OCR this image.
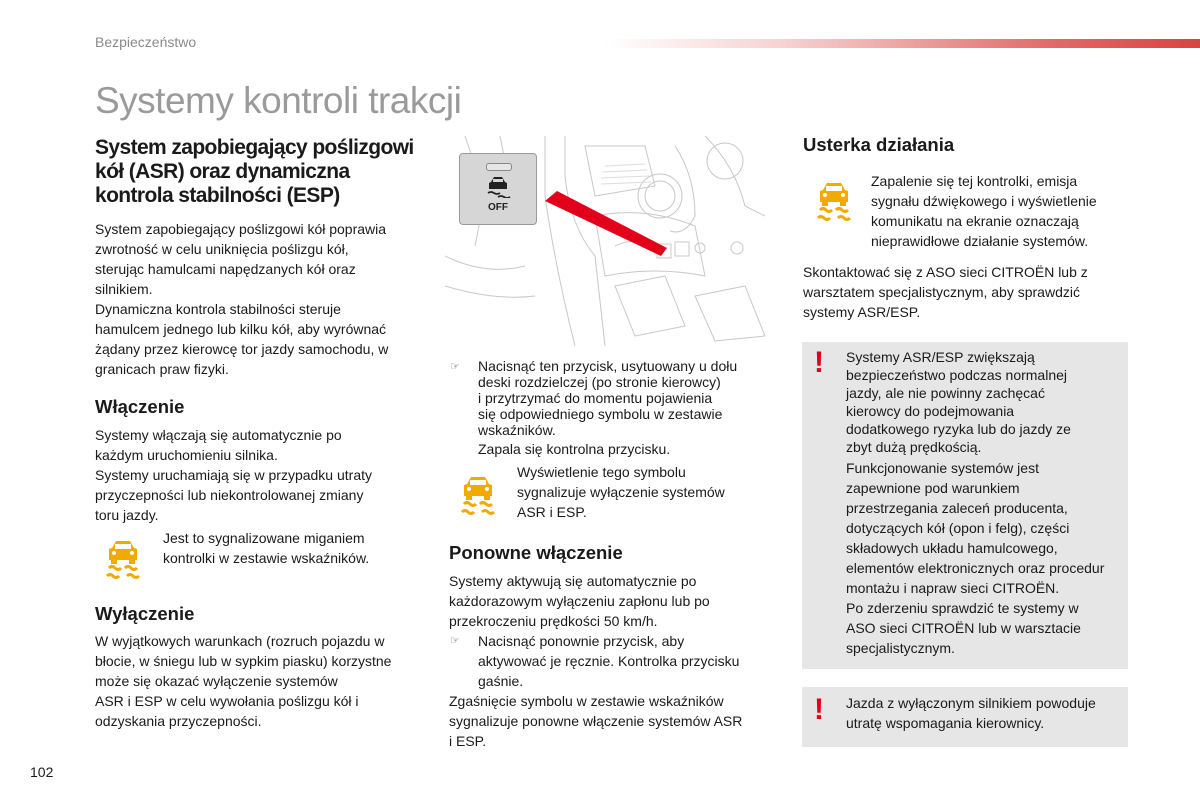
Bezpieczeństwo
Systemy kontroli trakcji
System zapobiegający poślizgowi
kół (ASR) oraz dynamiczna
kontrola stabilności (ESP)
System zapobiegający poślizgowi kół poprawia
zwrotność w celu uniknięcia poślizgu kół,
sterując hamulcami napędzanych kół oraz
silnikiem.
Dynamiczna kontrola stabilności steruje
hamulcem jednego lub kilku kół, aby wyrównać
żądany przez kierowcę tor jazdy samochodu, w
granicach praw fizyki.
Włączenie
Systemy włączają się automatycznie po
każdym uruchomieniu silnika.
Systemy uruchamiają się w przypadku utraty
przyczepności lub niekontrolowanej zmiany
toru jazdy.
Jest to sygnalizowane miganiem
kontrolki w zestawie wskaźników.
Wyłączenie
W wyjątkowych warunkach (rozruch pojazdu w
błocie, w śniegu lub w sypkim piasku) korzystne
może się okazać wyłączenie systemów
ASR i ESP w celu wywołania poślizgu kół i
odzyskania przyczepności.
OFF
☞ Nacisnąć ten przycisk, usytuowany u dołu
deski rozdzielczej (po stronie kierowcy)
i przytrzymać do momentu pojawienia
się odpowiedniego symbolu w zestawie
wskaźników.
Zapala się kontrolna przycisku.
Wyświetlenie tego symbolu
sygnalizuje wyłączenie systemów
ASR i ESP.
Ponowne włączenie
Systemy aktywują się automatycznie po
każdorazowym wyłączeniu zapłonu lub po
przekroczeniu prędkości 50 km/h.
☞ Nacisnąć ponownie przycisk, aby
aktywować je ręcznie. Kontrolka przycisku
gaśnie.
Zgaśnięcie symbolu w zestawie wskaźników
sygnalizuje ponowne włączenie systemów ASR
i ESP.
Usterka działania
Zapalenie się tej kontrolki, emisja
sygnału dźwiękowego i wyświetlenie
komunikatu na ekranie oznaczają
nieprawidłowe działanie systemów.
Skontaktować się z ASO sieci CITROËN lub z
warsztatem specjalistycznym, aby sprawdzić
systemy ASR/ESP.
! Systemy ASR/ESP zwiększają
bezpieczeństwo podczas normalnej
jazdy, ale nie powinny zachęcać
kierowcy do podejmowania
dodatkowego ryzyka lub do jazdy ze
zbyt dużą prędkością.
Funkcjonowanie systemów jest
zapewnione pod warunkiem
przestrzegania zaleceń producenta,
dotyczących kół (opon i felg), części
składowych układu hamulcowego,
elementów elektronicznych oraz procedur
montażu i napraw sieci CITROËN.
Po zderzeniu sprawdzić te systemy w
ASO sieci CITROËN lub w warsztacie
specjalistycznym.
! Jazda z wyłączonym silnikiem powoduje
utratę wspomagania kierownicy.
102
